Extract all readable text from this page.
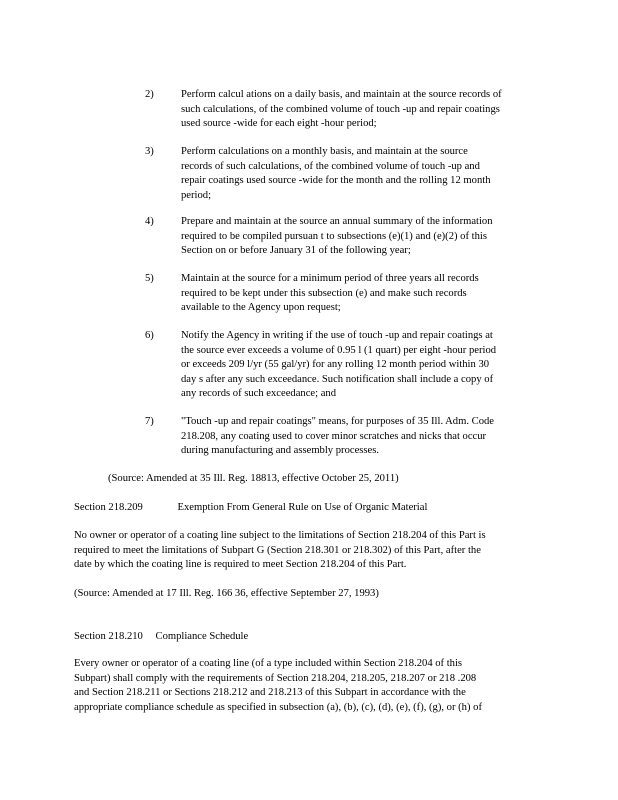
2)	Perform calcul ations on a daily basis, and maintain at the source records of
such calculations, of the combined volume of touch -up and repair coatings
used source -wide for each eight -hour period;
3)	Perform calculations on a monthly basis, and maintain at the source
records of such calculations, of the combined volume of touch -up and
repair coatings used source -wide for the month and the rolling 12 month
period;
4)	Prepare and maintain at the source an annual summary of the information
required to be compiled pursuan t to subsections (e)(1) and (e)(2) of this
Section on or before January 31 of the following year;
5)	Maintain at the source for a minimum period of three years all records
required to be kept under this subsection (e) and make such records
available to the Agency upon request;
6)	Notify the Agency in writing if the use of touch -up and repair coatings at
the source ever exceeds a volume of 0.95 l (1 quart) per eight -hour period
or exceeds 209 l/yr (55 gal/yr) for any rolling 12 month period within 30
day s after any such exceedance. Such notification shall include a copy of
any records of such exceedance; and
7)	"Touch -up and repair coatings" means, for purposes of 35 Ill. Adm. Code
218.208, any coating used to cover minor scratches and nicks that occur
during manufacturing and assembly processes.
(Source: Amended at 35 Ill. Reg. 18813, effective October 25, 2011)
Section 218.209	Exemption From General Rule on Use of Organic Material
No owner or operator of a coating line subject to the limitations of Section 218.204 of this Part is
required to meet the limitations of Subpart G (Section 218.301 or 218.302) of this Part, after the
date by which the coating line is required to meet Section 218.204 of this Part.
(Source: Amended at 17 Ill. Reg. 166 36, effective September 27, 1993)
Section 218.210 Compliance Schedule
Every owner or operator of a coating line (of a type included within Section 218.204 of this
Subpart) shall comply with the requirements of Section 218.204, 218.205, 218.207 or 218 .208
and Section 218.211 or Sections 218.212 and 218.213 of this Subpart in accordance with the
appropriate compliance schedule as specified in subsection (a), (b), (c), (d), (e), (f), (g), or (h) of
